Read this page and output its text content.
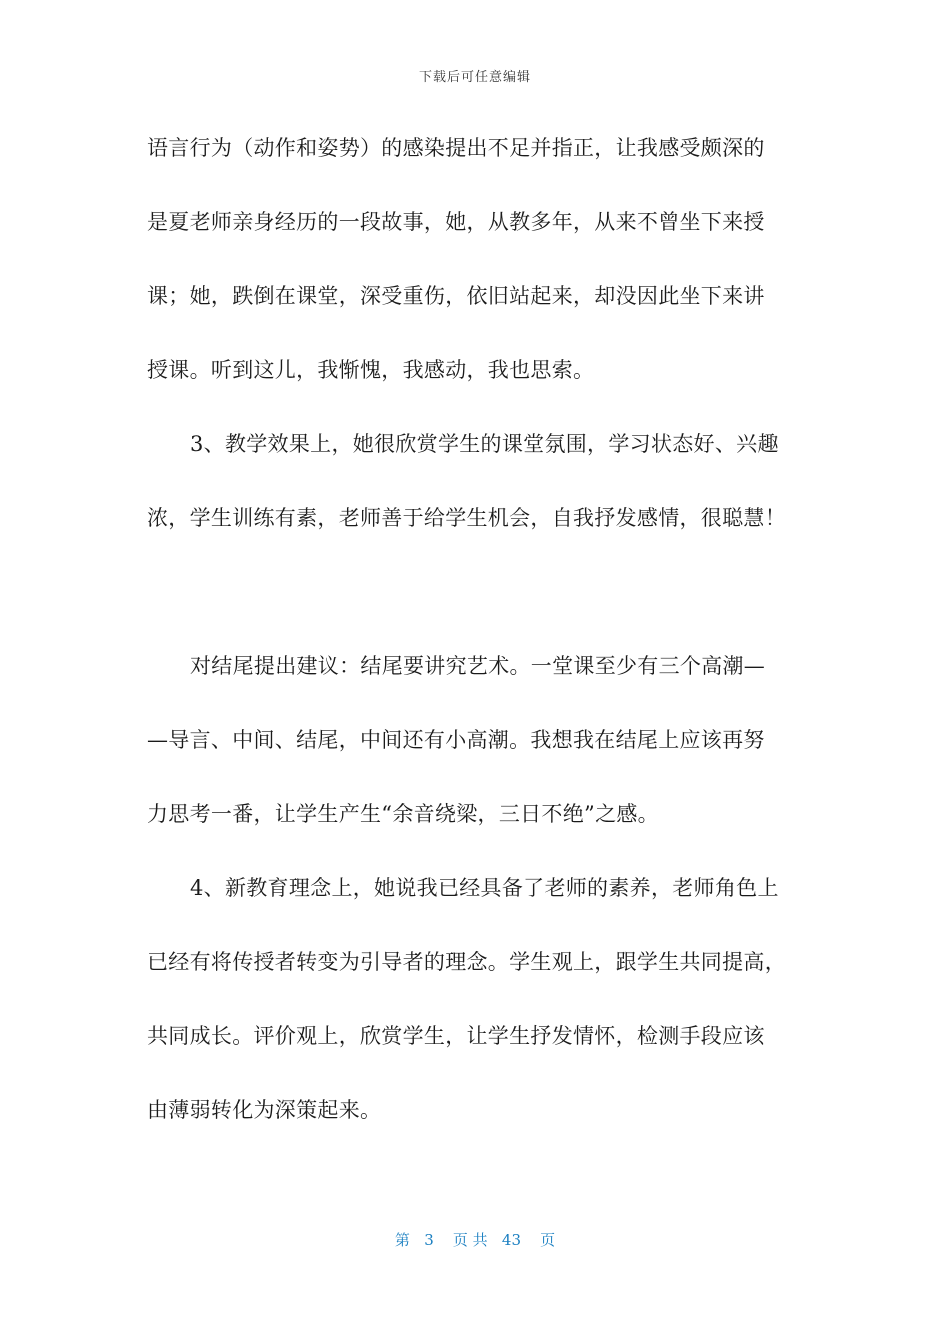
下载后可任意编辑
语言行为（动作和姿势）的感染提出不足并指正，让我感受颇深的
是夏老师亲身经历的一段故事，她，从教多年，从来不曾坐下来授
课；她，跌倒在课堂，深受重伤，依旧站起来，却没因此坐下来讲
授课。听到这儿，我惭愧，我感动，我也思索。
3、教学效果上，她很欣赏学生的课堂氛围，学习状态好、兴趣
浓，学生训练有素，老师善于给学生机会，自我抒发感情，很聪慧！
对结尾提出建议：结尾要讲究艺术。一堂课至少有三个高潮—
—导言、中间、结尾，中间还有小高潮。我想我在结尾上应该再努
力思考一番，让学生产生“余音绕梁，三日不绝”之感。
4、新教育理念上，她说我已经具备了老师的素养，老师角色上
已经有将传授者转变为引导者的理念。学生观上，跟学生共同提高，
共同成长。评价观上，欣赏学生，让学生抒发情怀，检测手段应该
由薄弱转化为深策起来。
第   3    页 共   43    页
